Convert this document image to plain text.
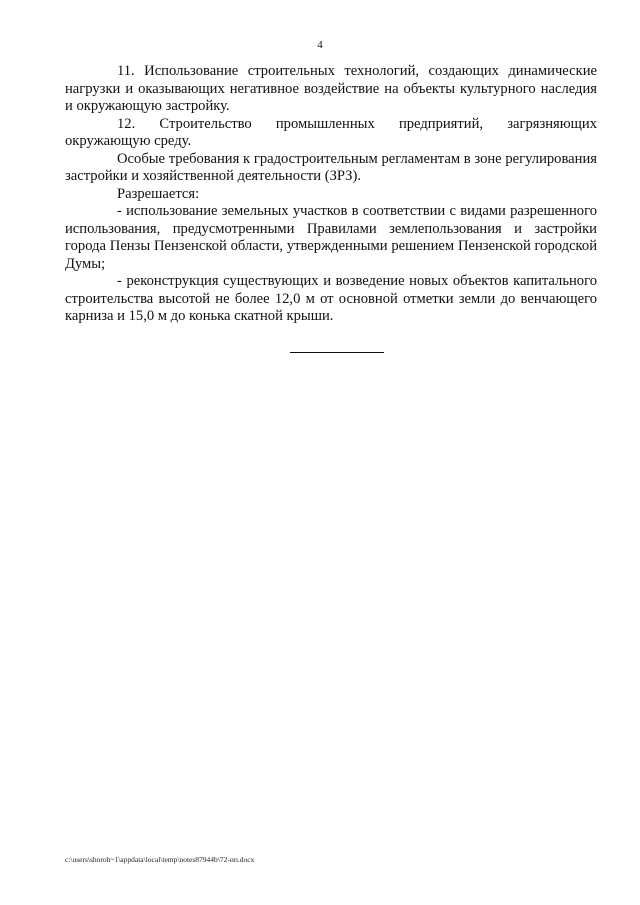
4

11. Использование строительных технологий, создающих динамические нагрузки и оказывающих негативное воздействие на объекты культурного наследия и окружающую застройку.

12. Строительство промышленных предприятий, загрязняющих окружающую среду.

Особые требования к градостроительным регламентам в зоне регулирования застройки и хозяйственной деятельности (ЗРЗ).

Разрешается:

- использование земельных участков в соответствии с видами разрешенного использования, предусмотренными Правилами землепользования и застройки города Пензы Пензенской области, утвержденными решением Пензенской городской Думы;

- реконструкция существующих и возведение новых объектов капитального строительства высотой не более 12,0 м от основной отметки земли до венчающего карниза и 15,0 м до конька скатной крыши.

c:\users\shoroh~1\appdata\local\temp\notes87944b\72-ип.docx
